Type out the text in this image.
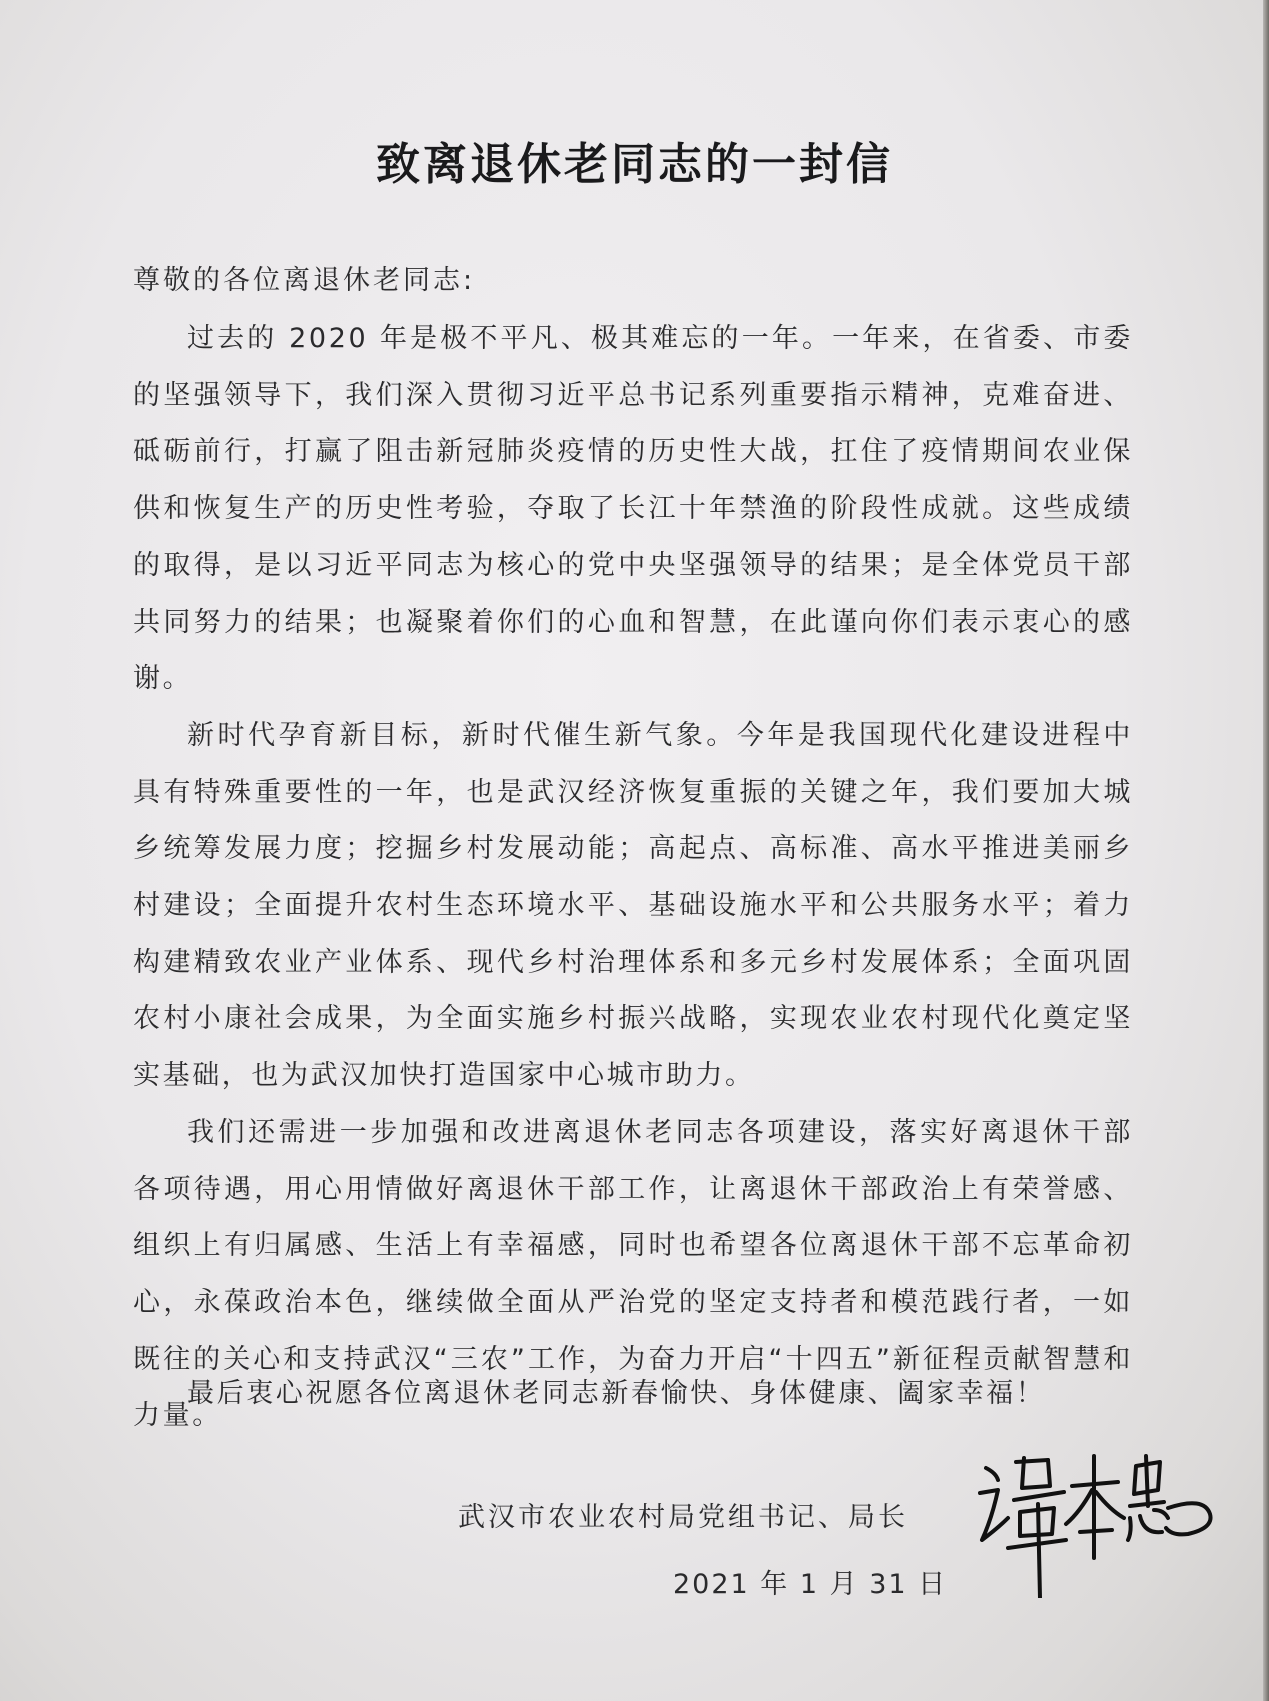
致离退休老同志的一封信
尊敬的各位离退休老同志:

过去的 2020 年是极不平凡、极其难忘的一年。一年来，在省委、市委的坚强领导下，我们深入贯彻习近平总书记系列重要指示精神，克难奋进、砥砺前行，打赢了阻击新冠肺炎疫情的历史性大战，扛住了疫情期间农业保供和恢复生产的历史性考验，夺取了长江十年禁渔的阶段性成就。这些成绩的取得，是以习近平同志为核心的党中央坚强领导的结果；是全体党员干部共同努力的结果；也凝聚着你们的心血和智慧，在此谨向你们表示衷心的感谢。

新时代孕育新目标，新时代催生新气象。今年是我国现代化建设进程中具有特殊重要性的一年，也是武汉经济恢复重振的关键之年，我们要加大城乡统筹发展力度；挖掘乡村发展动能；高起点、高标准、高水平推进美丽乡村建设；全面提升农村生态环境水平、基础设施水平和公共服务水平；着力构建精致农业产业体系、现代乡村治理体系和多元乡村发展体系；全面巩固农村小康社会成果，为全面实施乡村振兴战略，实现农业农村现代化奠定坚实基础，也为武汉加快打造国家中心城市助力。

我们还需进一步加强和改进离退休老同志各项建设，落实好离退休干部各项待遇，用心用情做好离退休干部工作，让离退休干部政治上有荣誉感、组织上有归属感、生活上有幸福感，同时也希望各位离退休干部不忘革命初心，永葆政治本色，继续做全面从严治党的坚定支持者和模范践行者，一如既往的关心和支持武汉“三农”工作，为奋力开启“十四五”新征程贡献智慧和力量。

最后衷心祝愿各位离退休老同志新春愉快、身体健康、阖家幸福！
武汉市农业农村局党组书记、局长
2021 年 1 月 31 日
